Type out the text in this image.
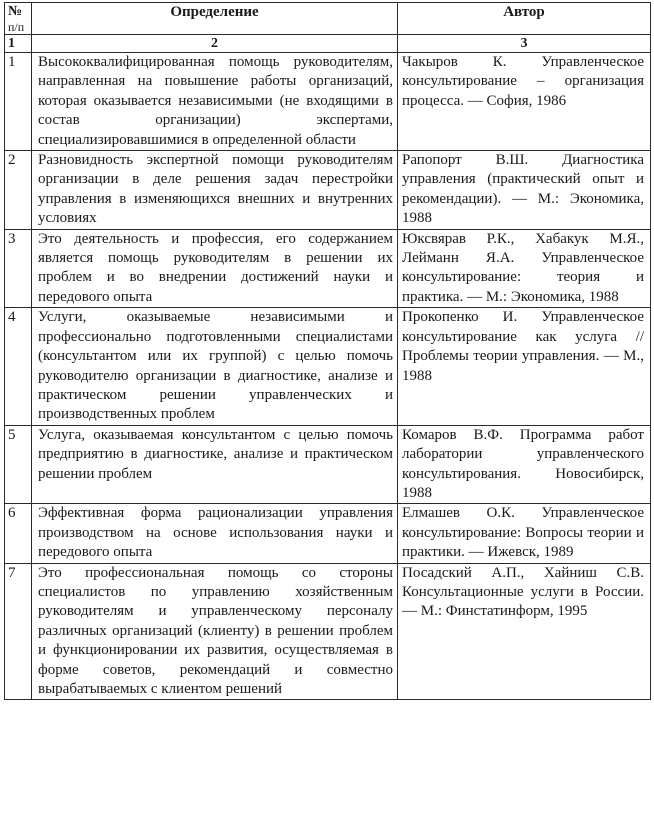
№
п/п	Определение	Автор
1	2	3
1	Высококвалифицированная помощь руководителям, направленная на повышение работы организаций, которая оказывается независимыми (не входящими в состав организации) экспертами, специализировавшимися в определенной области	Чакыров К. Управленческое консультирование – организация процесса. — София, 1986
2	Разновидность экспертной помощи руководителям организации в деле решения задач перестройки управления в изменяющихся внешних и внутренних условиях	Рапопорт В.Ш. Диагностика управления (практический опыт и рекомендации). — М.: Экономика, 1988
3	Это деятельность и профессия, его содержанием является помощь руководителям в решении их проблем и во внедрении достижений науки и передового опыта	Юксвярав Р.К., Хабакук М.Я., Лейманн Я.А. Управленческое консультирование: теория и практика. — М.: Экономика, 1988
4	Услуги, оказываемые независимыми и профессионально подготовленными специалистами (консультантом или их группой) с целью помочь руководителю организации в диагностике, анализе и практическом решении управленческих и производственных проблем	Прокопенко И. Управленческое консультирование как услуга // Проблемы теории управления. — М., 1988
5	Услуга, оказываемая консультантом с целью помочь предприятию в диагностике, анализе и практическом решении проблем	Комаров В.Ф. Программа работ лаборатории управленческого консультирования. Новосибирск, 1988
6	Эффективная форма рационализации управления производством на основе использования науки и передового опыта	Елмашев О.К. Управленческое консультирование: Вопросы теории и практики. — Ижевск, 1989
7	Это профессиональная помощь со стороны специалистов по управлению хозяйственным руководителям и управленческому персоналу различных организаций (клиенту) в решении проблем и функционировании их развития, осуществляемая в форме советов, рекомендаций и совместно вырабатываемых с клиентом решений	Посадский А.П., Хайниш С.В. Консультационные услуги в России. — М.: Финстатинформ, 1995
